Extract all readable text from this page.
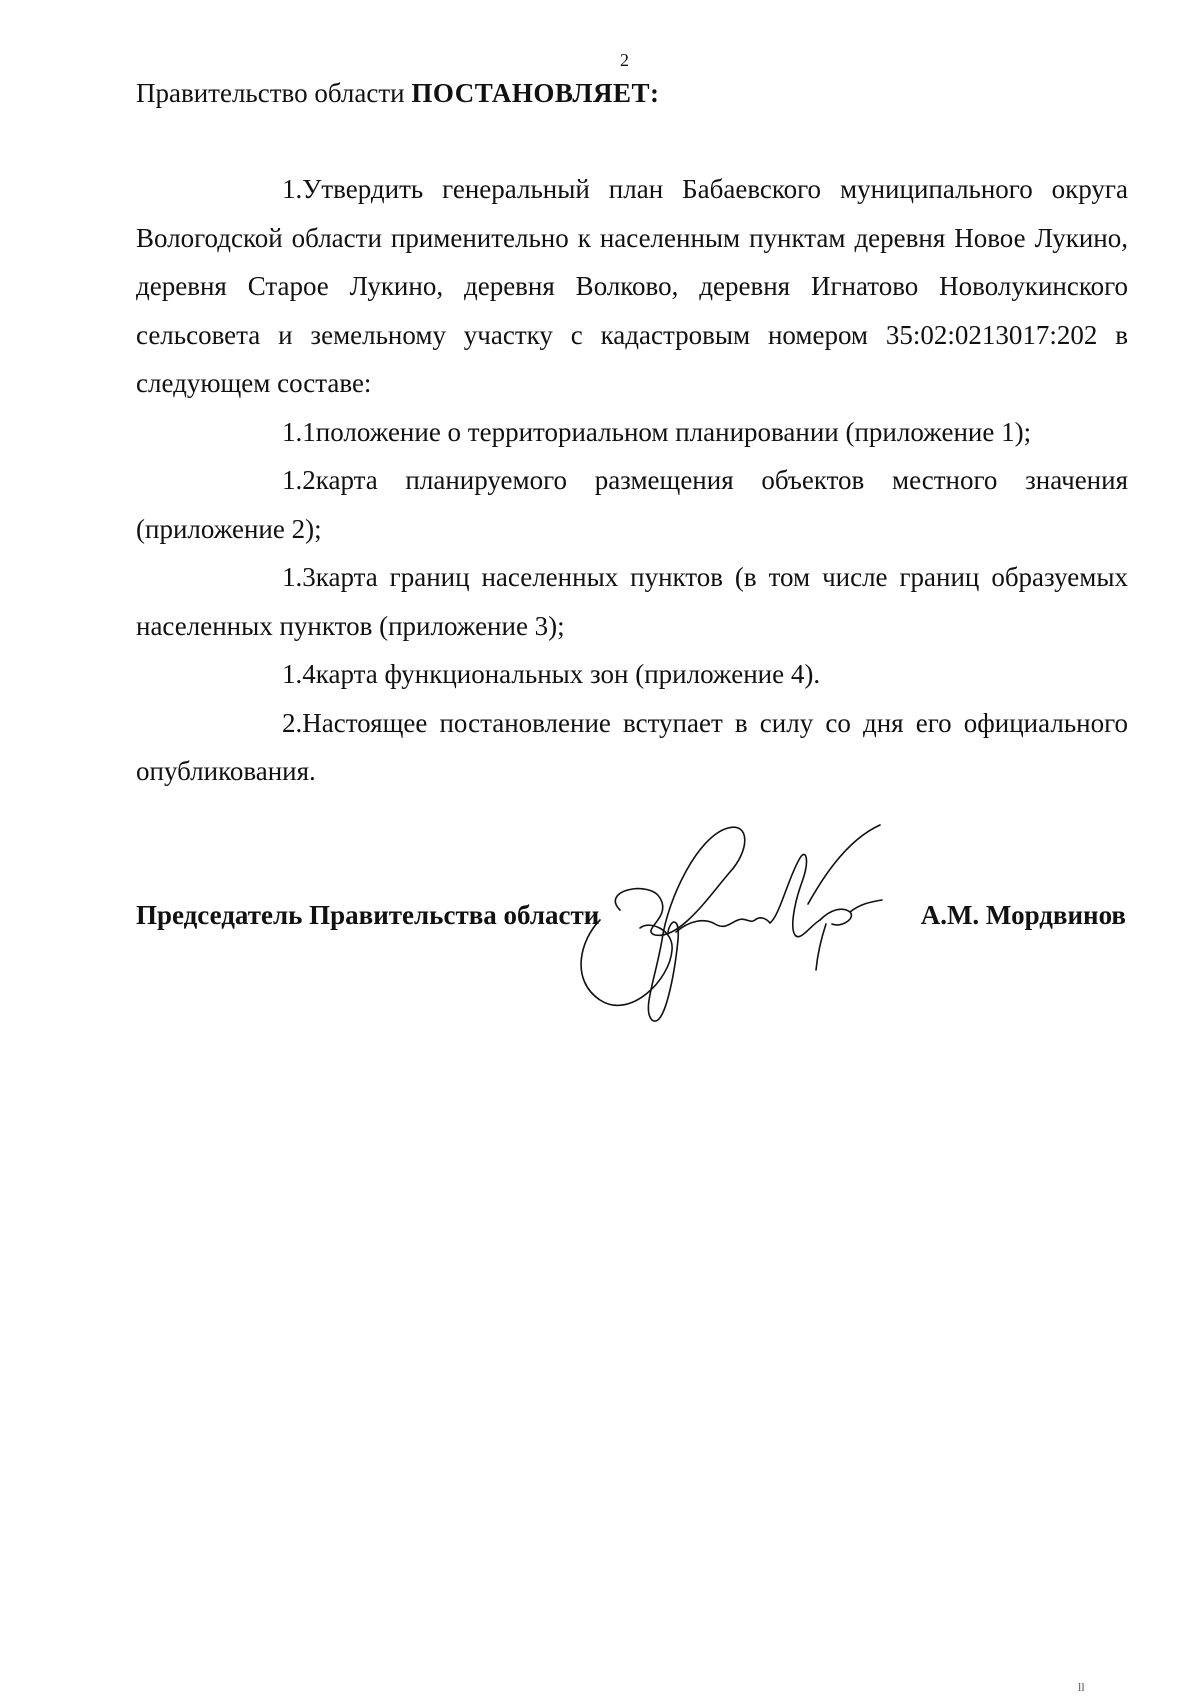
2
Правительство области ПОСТАНОВЛЯЕТ:

1.Утвердить генеральный план Бабаевского муниципального округа Вологодской области применительно к населенным пунктам деревня Новое Лукино, деревня Старое Лукино, деревня Волково, деревня Игнатово Новолукинского сельсовета и земельному участку с кадастровым номером 35:02:0213017:202 в следующем составе:

1.1положение о территориальном планировании (приложение 1);

1.2карта планируемого размещения объектов местного значения (приложение 2);

1.3карта границ населенных пунктов (в том числе границ образуемых населенных пунктов (приложение 3);

1.4карта функциональных зон (приложение 4).

2.Настоящее постановление вступает в силу со дня его официального опубликования.

Председатель Правительства области	А.М. Мордвинов
ll
